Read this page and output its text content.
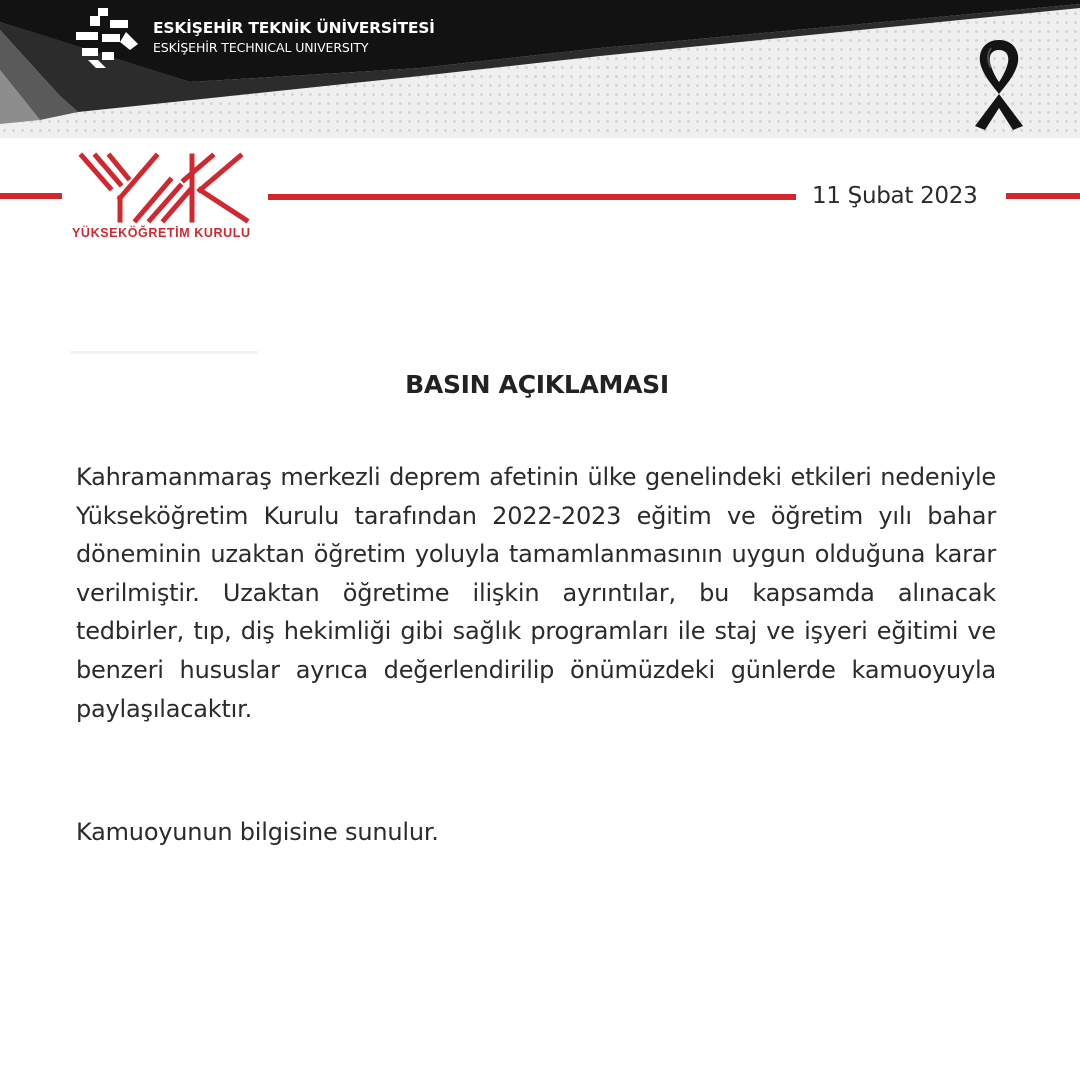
ESKİŞEHİR TEKNİK ÜNİVERSİTESİ
ESKİŞEHİR TECHNICAL UNIVERSITY
YÜKSEKÖĞRETİM KURULU
11 Şubat 2023
BASIN AÇIKLAMASI
Kahramanmaraş merkezli deprem afetinin ülke genelindeki etkileri nedeniyle Yükseköğretim Kurulu tarafından 2022-2023 eğitim ve öğretim yılı bahar döneminin uzaktan öğretim yoluyla tamamlanmasının uygun olduğuna karar verilmiştir. Uzaktan öğretime ilişkin ayrıntılar, bu kapsamda alınacak tedbirler, tıp, diş hekimliği gibi sağlık programları ile staj ve işyeri eğitimi ve benzeri hususlar ayrıca değerlendirilip önümüzdeki günlerde kamuoyuyla paylaşılacaktır.
Kamuoyunun bilgisine sunulur.
